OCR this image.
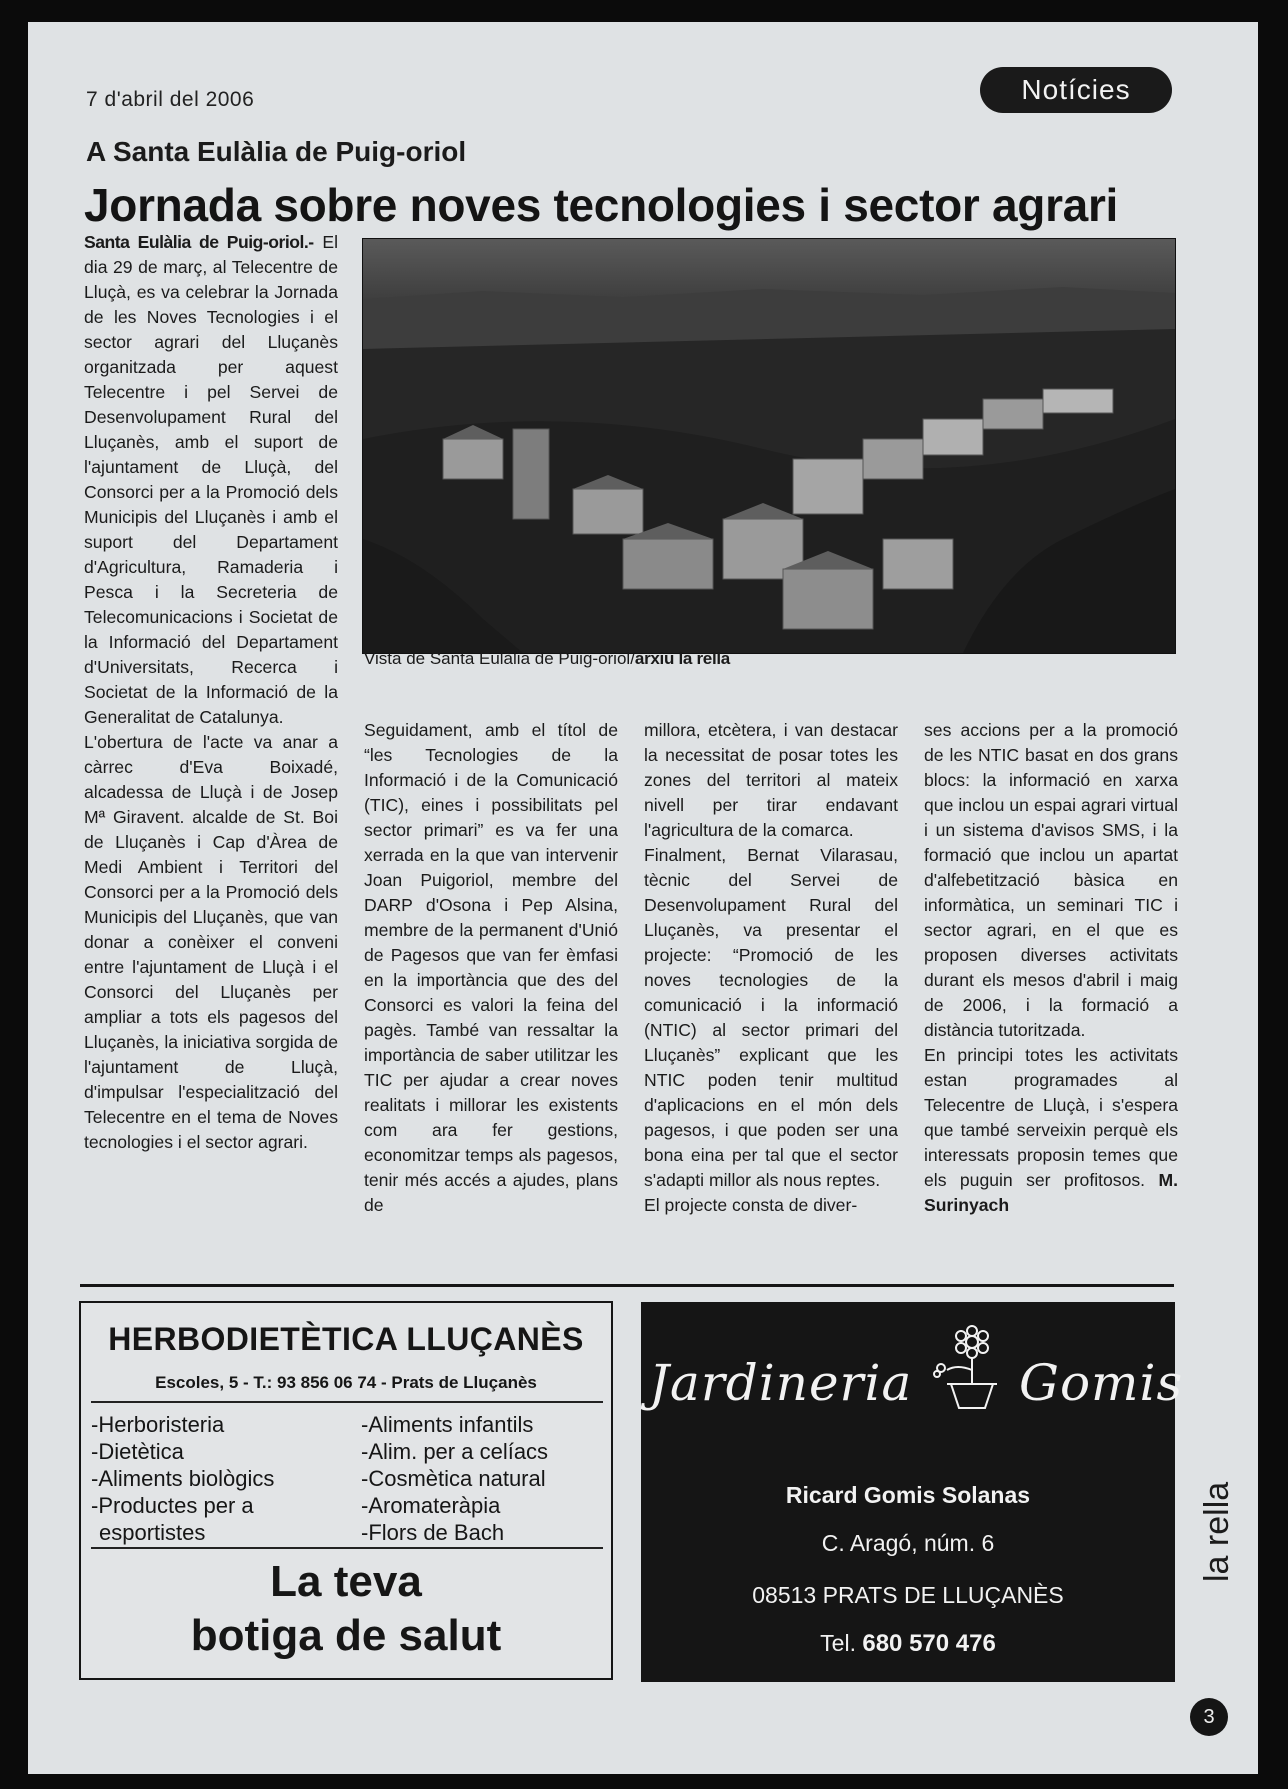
7 d'abril del 2006	Notícies
A Santa Eulàlia de Puig-oriol
Jornada sobre noves tecnologies i sector agrari

Santa Eulàlia de Puig-oriol.- El dia 29 de març, al Telecentre de Lluçà, es va celebrar la Jornada de les Noves Tecnologies i el sector agrari del Lluçanès organitzada per aquest Telecentre i pel Servei de Desenvolupament Rural del Lluçanès, amb el suport de l'ajuntament de Lluçà, del Consorci per a la Promoció dels Municipis del Lluçanès i amb el suport del Departament d'Agricultura, Ramaderia i Pesca i la Secreteria de Telecomunicacions i Societat de la Informació del Departament d'Universitats, Recerca i Societat de la Informació de la Generalitat de Catalunya.

L'obertura de l'acte va anar a càrrec d'Eva Boixadé, alcadessa de Lluçà i de Josep Mª Giravent. alcalde de St. Boi de Lluçanès i Cap d'Àrea de Medi Ambient i Territori del Consorci per a la Promoció dels Municipis del Lluçanès, que van donar a conèixer el conveni entre l'ajuntament de Lluçà i el Consorci del Lluçanès per ampliar a tots els pagesos del Lluçanès, la iniciativa sorgida de l'ajuntament de Lluçà, d'impulsar l'especialització del Telecentre en el tema de Noves tecnologies i el sector agrari.

Vista de Santa Eulàlia de Puig-oriol/arxiu la rella

Seguidament, amb el títol de “les Tecnologies de la Informació i de la Comunicació (TIC), eines i possibilitats pel sector primari” es va fer una xerrada en la que van intervenir Joan Puigoriol, membre del DARP d'Osona i Pep Alsina, membre de la permanent d'Unió de Pagesos que van fer èmfasi en la importància que des del Consorci es valori la feina del pagès. També van ressaltar la importància de saber utilitzar les TIC per ajudar a crear noves realitats i millorar les existents com ara fer gestions, economitzar temps als pagesos, tenir més accés a ajudes, plans de

millora, etcètera, i van destacar la necessitat de posar totes les zones del territori al mateix nivell per tirar endavant l'agricultura de la comarca.

Finalment, Bernat Vilarasau, tècnic del Servei de Desenvolupament Rural del Lluçanès, va presentar el projecte: “Promoció de les noves tecnologies de la comunicació i la informació (NTIC) al sector primari del Lluçanès” explicant que les NTIC poden tenir multitud d'aplicacions en el món dels pagesos, i que poden ser una bona eina per tal que el sector s'adapti millor als nous reptes.

El projecte consta de diver-

ses accions per a la promoció de les NTIC basat en dos grans blocs: la informació en xarxa que inclou un espai agrari virtual i un sistema d'avisos SMS, i la formació que inclou un apartat d'alfebetització bàsica en informàtica, un seminari TIC i sector agrari, en el que es proposen diverses activitats durant els mesos d'abril i maig de 2006, i la formació a distància tutoritzada.

En principi totes les activitats estan programades al Telecentre de Lluçà, i s'espera que també serveixin perquè els interessats proposin temes que els puguin ser profitosos. M. Surinyach

HERBODIETÈTICA LLUÇANÈS
Escoles, 5 - T.: 93 856 06 74 - Prats de Lluçanès
-Herboristeria
-Dietètica
-Aliments biològics
-Productes per a
esportistes
-Aliments infantils
-Alim. per a celíacs
-Cosmètica natural
-Aromateràpia
-Flors de Bach
La teva
botiga de salut
Jardineria Gomis
Ricard Gomis Solanas
C. Aragó, núm. 6
08513 PRATS DE LLUÇANÈS
Tel. 680 570 476
la rella
3
